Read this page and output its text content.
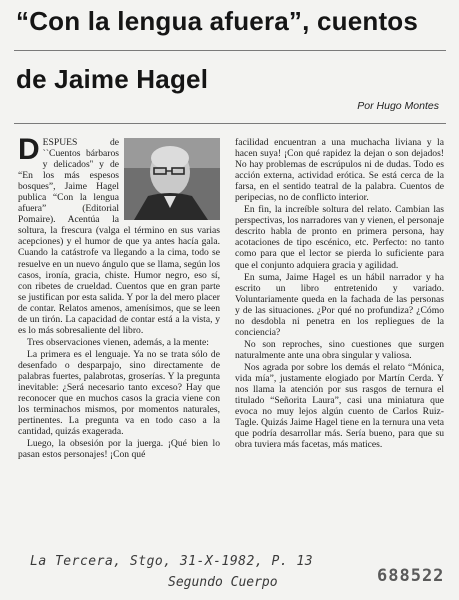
“Con la lengua afuera”, cuentos
de Jaime Hagel
Por Hugo Montes

DESPUES de ``Cuentos bárbaros y delicados'' y de “En los más espesos bosques”, Jaime Hagel publica “Con la lengua afuera” (Editorial Pomaire). Acentúa la soltura, la frescura (valga el término en sus varias acepciones) y el humor de que ya antes hacía gala. Cuando la catástrofe va llegando a la cima, todo se resuelve en un nuevo ángulo que se llama, según los casos, ironía, gracia, chiste. Humor negro, eso sí, con ribetes de crueldad. Cuentos que en gran parte se justifican por esta salida. Y por la del mero placer de contar. Relatos amenos, amenísimos, que se leen de un tirón. La capacidad de contar está a la vista, y es lo más sobresaliente del libro.

Tres observaciones vienen, además, a la mente:

La primera es el lenguaje. Ya no se trata sólo de desenfado o desparpajo, sino directamente de palabras fuertes, palabrotas, groserías. Y la pregunta inevitable: ¿Será necesario tanto exceso? Hay que reconocer que en muchos casos la gracia viene con los terminachos mismos, por momentos naturales, pertinentes. La pregunta va en todo caso a la cantidad, quizás exagerada.

Luego, la obsesión por la juerga. ¡Qué bien lo pasan estos personajes! ¡Con qué

facilidad encuentran a una muchacha liviana y la hacen suya! ¡Con qué rapidez la dejan o son dejados! No hay problemas de escrúpulos ni de dudas. Todo es acción externa, actividad erótica. Se está cerca de la farsa, en el sentido teatral de la palabra. Cuentos de peripecias, no de conflicto interior.

En fin, la increíble soltura del relato. Cambian las perspectivas, los narradores van y vienen, el personaje descrito habla de pronto en primera persona, hay acotaciones de tipo escénico, etc. Perfecto: no tanto como para que el lector se pierda lo suficiente para que el conjunto adquiera gracia y agilidad.

En suma, Jaime Hagel es un hábil narrador y ha escrito un libro entretenido y variado. Voluntariamente queda en la fachada de las personas y de las situaciones. ¿Por qué no profundiza? ¿Cómo no desdobla ni penetra en los repliegues de la conciencia?

No son reproches, sino cuestiones que surgen naturalmente ante una obra singular y valiosa.

Nos agrada por sobre los demás el relato “Mónica, vida mía”, justamente elogiado por Martín Cerda. Y nos llama la atención por sus rasgos de ternura el titulado “Señorita Laura”, casi una miniatura que evoca no muy lejos algún cuento de Carlos Ruiz-Tagle. Quizás Jaime Hagel tiene en la ternura una veta que podría desarrollar más. Sería bueno, para que su obra tuviera más facetas, más matices.

La Tercera, Stgo, 31-X-1982, P. 13
Segundo Cuerpo	688522
